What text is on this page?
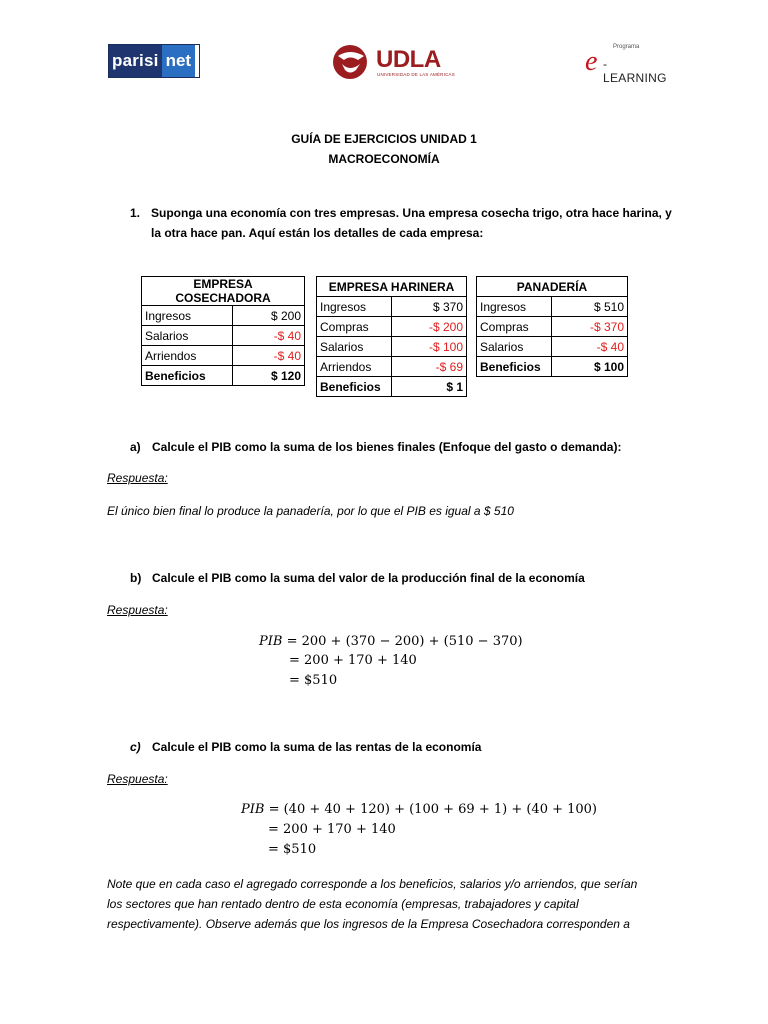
parisi net	UDLA
UNIVERSIDAD DE LAS AMÉRICAS
Programa
e -LEARNING
GUÍA DE EJERCICIOS UNIDAD 1
MACROECONOMÍA
1. Suponga una economía con tres empresas. Una empresa cosecha trigo, otra hace harina, y
la otra hace pan. Aquí están los detalles de cada empresa:
EMPRESA COSECHADORA	
Ingresos	$ 200
Salarios	-$ 40
Arriendos	-$ 40
Beneficios	$ 120
EMPRESA HARINERA	
Ingresos	$ 370
Compras	-$ 200
Salarios	-$ 100
Arriendos	-$ 69
Beneficios	$ 1
PANADERÍA	
Ingresos	$ 510
Compras	-$ 370
Salarios	-$ 40
Beneficios	$ 100
a) Calcule el PIB como la suma de los bienes finales (Enfoque del gasto o demanda):
Respuesta:
El único bien final lo produce la panadería, por lo que el PIB es igual a $ 510
b) Calcule el PIB como la suma del valor de la producción final de la economía
Respuesta:
PIB = 200 + (370 − 200) + (510 − 370)
= 200 + 170 + 140
= $510
c) Calcule el PIB como la suma de las rentas de la economía
Respuesta:
PIB = (40 + 40 + 120) + (100 + 69 + 1) + (40 + 100)
= 200 + 170 + 140
= $510
Note que en cada caso el agregado corresponde a los beneficios, salarios y/o arriendos, que serían
los sectores que han rentado dentro de esta economía (empresas, trabajadores y capital
respectivamente). Observe además que los ingresos de la Empresa Cosechadora corresponden a
